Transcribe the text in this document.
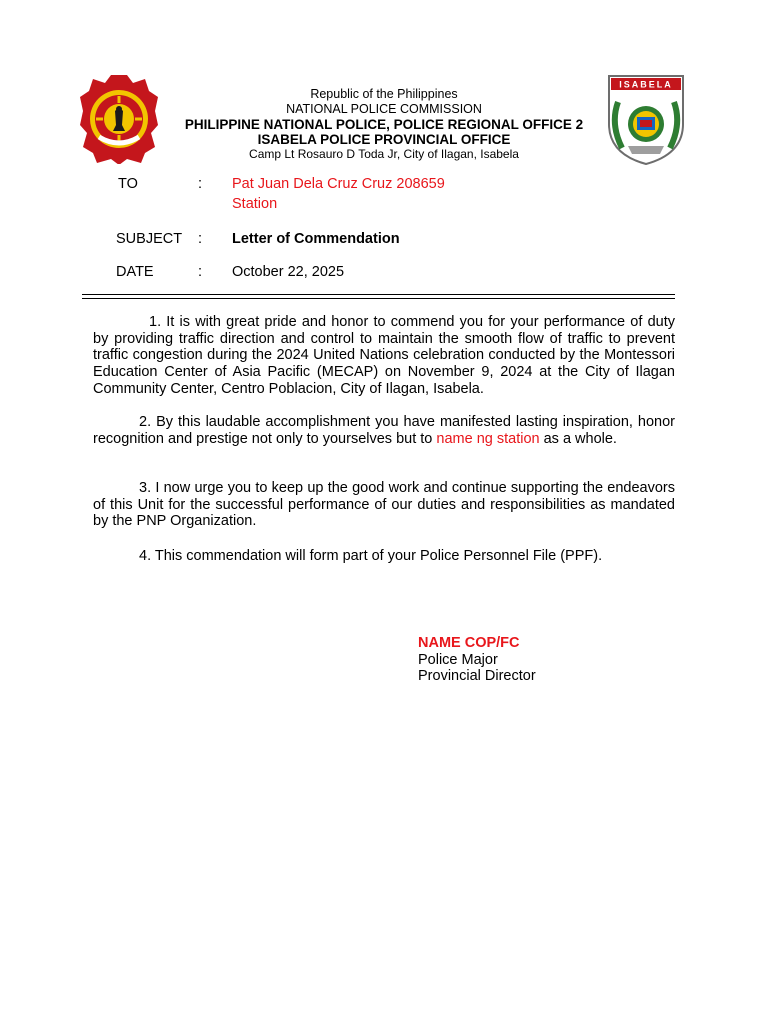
Republic of the Philippines

NATIONAL POLICE COMMISSION

PHILIPPINE NATIONAL POLICE, POLICE REGIONAL OFFICE 2

ISABELA POLICE PROVINCIAL OFFICE

Camp Lt Rosauro D Toda Jr, City of Ilagan, Isabela

ISABELA
TO	: Pat Juan Dela Cruz Cruz 208659
Station
SUBJECT : Letter of Commendation
DATE	: October 22, 2025

1. It is with great pride and honor to commend you for your performance of duty by providing traffic direction and control to maintain the smooth flow of traffic to prevent traffic congestion during the 2024 United Nations celebration conducted by the Montessori Education Center of Asia Pacific (MECAP) on November 9, 2024 at the City of Ilagan Community Center, Centro Poblacion, City of Ilagan, Isabela.

2. By this laudable accomplishment you have manifested lasting inspiration, honor recognition and prestige not only to yourselves but to name ng station as a whole.

3. I now urge you to keep up the good work and continue supporting the endeavors of this Unit for the successful performance of our duties and responsibilities as mandated by the PNP Organization.

4. This commendation will form part of your Police Personnel File (PPF).

NAME COP/FC
Police Major
Provincial Director
